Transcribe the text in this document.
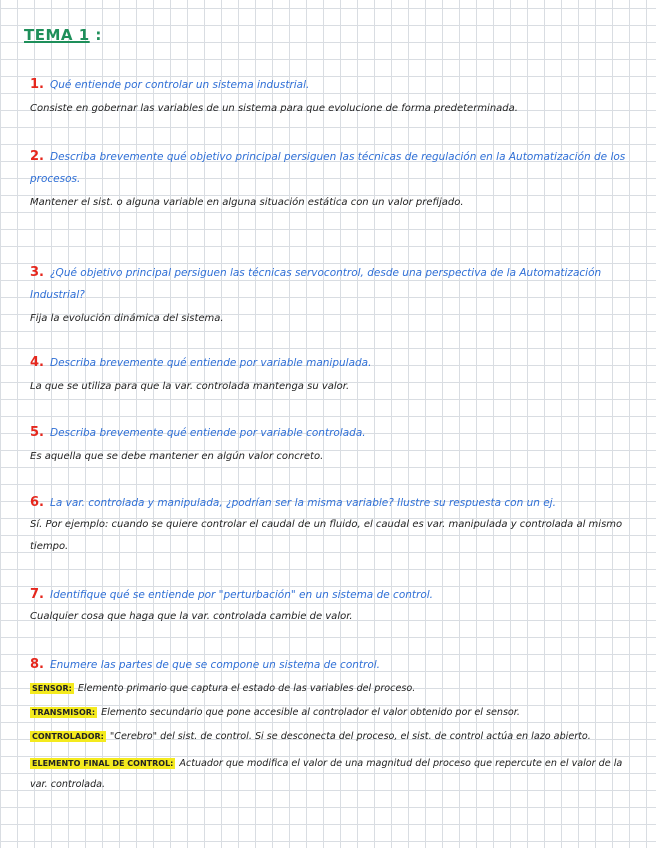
TEMA 1 :
1. Qué entiende por controlar un sistema industrial.
Consiste en gobernar las variables de un sistema para que evolucione de forma predeterminada.
2. Describa brevemente qué objetivo principal persiguen las técnicas de regulación en la Automatización de los procesos.
Mantener el sist. o alguna variable en alguna situación estática con un valor prefijado.
3. ¿Qué objetivo principal persiguen las técnicas servocontrol, desde una perspectiva de la Automatización Industrial?
Fija la evolución dinámica del sistema.
4. Describa brevemente qué entiende por variable manipulada.
La que se utiliza para que la var. controlada mantenga su valor.
5. Describa brevemente qué entiende por variable controlada.
Es aquella que se debe mantener en algún valor concreto.
6. La var. controlada y manipulada, ¿podrían ser la misma variable? Ilustre su respuesta con un ej.
Sí. Por ejemplo: cuando se quiere controlar el caudal de un fluido, el caudal es var. manipulada y controlada al mismo tiempo.
7. Identifique qué se entiende por "perturbación" en un sistema de control.
Cualquier cosa que haga que la var. controlada cambie de valor.
8. Enumere las partes de que se compone un sistema de control.
SENSOR: Elemento primario que captura el estado de las variables del proceso.
TRANSMISOR: Elemento secundario que pone accesible al controlador el valor obtenido por el sensor.
CONTROLADOR: "Cerebro" del sist. de control. Si se desconecta del proceso, el sist. de control actúa en lazo abierto.
ELEMENTO FINAL DE CONTROL: Actuador que modifica el valor de una magnitud del proceso que repercute en el valor de la var. controlada.
